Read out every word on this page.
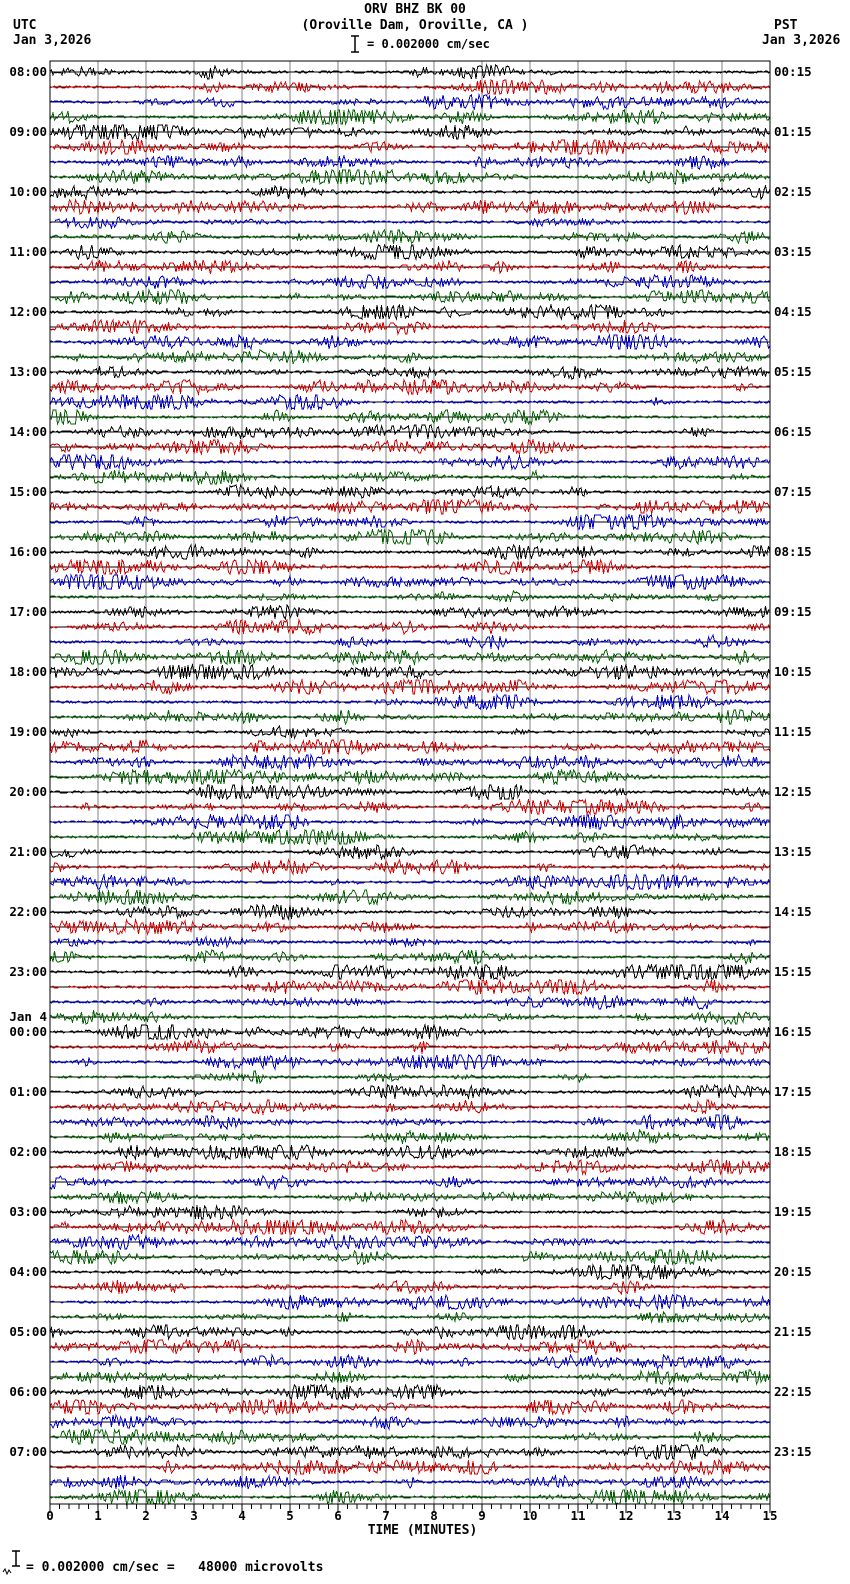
ORV BHZ BK 00
(Oroville Dam, Oroville, CA )
UTC
Jan 3,2026
PST
Jan 3,2026
= 0.002000 cm/sec
TIME (MINUTES)
= 0.002000 cm/sec =   48000 microvolts
08:00	00:15
09:00	01:15
10:00	02:15
11:00	03:15
12:00	04:15
13:00	05:15
14:00	06:15
15:00	07:15
16:00	08:15
17:00	09:15
18:00	10:15
19:00	11:15
20:00	12:15
21:00	13:15
22:00	14:15
23:00	15:15
00:00	16:15
Jan 4
01:00	17:15
02:00	18:15
03:00	19:15
04:00	20:15
05:00	21:15
06:00	22:15
07:00	23:15
0	1	2	3	4	5	6	7	8	9	10	11	12	13	14	15
